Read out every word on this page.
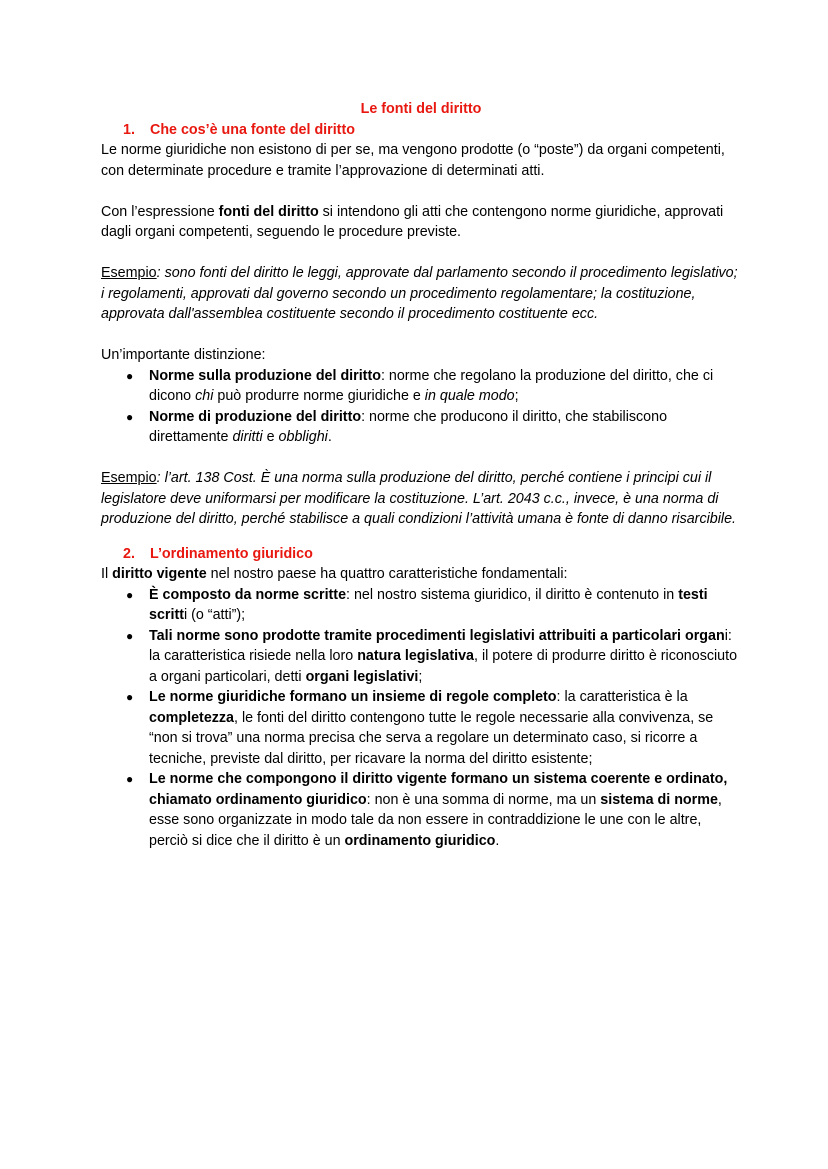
Le fonti del diritto
1. Che cos’è una fonte del diritto

Le norme giuridiche non esistono di per se, ma vengono prodotte (o “poste”) da organi competenti, con determinate procedure e tramite l’approvazione di determinati atti.

Con l’espressione fonti del diritto si intendono gli atti che contengono norme giuridiche, approvati dagli organi competenti, seguendo le procedure previste.

Esempio: sono fonti del diritto le leggi, approvate dal parlamento secondo il procedimento legislativo; i regolamenti, approvati dal governo secondo un procedimento regolamentare; la costituzione, approvata dall'assemblea costituente secondo il procedimento costituente ecc.

Un’importante distinzione:

● Norme sulla produzione del diritto: norme che regolano la produzione del diritto, che ci dicono chi può produrre norme giuridiche e in quale modo;
● Norme di produzione del diritto: norme che producono il diritto, che stabiliscono direttamente diritti e obblighi.

Esempio: l’art. 138 Cost. È una norma sulla produzione del diritto, perché contiene i principi cui il legislatore deve uniformarsi per modificare la costituzione. L’art. 2043 c.c., invece, è una norma di produzione del diritto, perché stabilisce a quali condizioni l’attività umana è fonte di danno risarcibile.

2. L’ordinamento giuridico

Il diritto vigente nel nostro paese ha quattro caratteristiche fondamentali:

● È composto da norme scritte: nel nostro sistema giuridico, il diritto è contenuto in testi scritti (o “atti”);
● Tali norme sono prodotte tramite procedimenti legislativi attribuiti a particolari organi: la caratteristica risiede nella loro natura legislativa, il potere di produrre diritto è riconosciuto a organi particolari, detti organi legislativi;
● Le norme giuridiche formano un insieme di regole completo: la caratteristica è la completezza, le fonti del diritto contengono tutte le regole necessarie alla convivenza, se “non si trova” una norma precisa che serva a regolare un determinato caso, si ricorre a tecniche, previste dal diritto, per ricavare la norma del diritto esistente;
● Le norme che compongono il diritto vigente formano un sistema coerente e ordinato, chiamato ordinamento giuridico: non è una somma di norme, ma un sistema di norme, esse sono organizzate in modo tale da non essere in contraddizione le une con le altre, perciò si dice che il diritto è un ordinamento giuridico.
